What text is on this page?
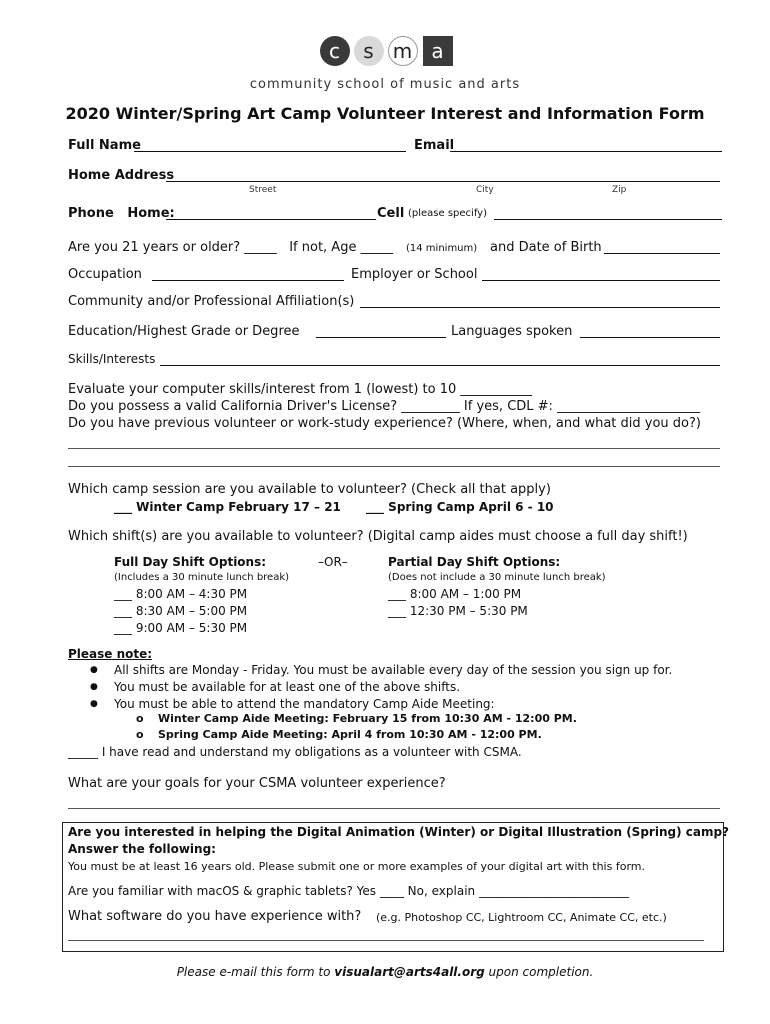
c s m a
community school of music and arts
2020 Winter/Spring Art Camp Volunteer Interest and Information Form
Full Name	Email
Home Address
Street	City	Zip
Phone   Home:	Cell (please specify)
Are you 21 years or older? _____   If not, Age _____ (14 minimum) and Date of Birth
Occupation	Employer or School
Community and/or Professional Affiliation(s)
Education/Highest Grade or Degree	Languages spoken
Skills/Interests
Evaluate your computer skills/interest from 1 (lowest) to 10 ___________
Do you possess a valid California Driver's License? _________ If yes, CDL #: ______________________
Do you have previous volunteer or work-study experience? (Where, when, and what did you do?)
Which camp session are you available to volunteer? (Check all that apply)
___ Winter Camp February 17 – 21 ___ Spring Camp April 6 - 10
Which shift(s) are you available to volunteer? (Digital camp aides must choose a full day shift!)
Full Day Shift Options:	–OR–	Partial Day Shift Options:
(Includes a 30 minute lunch break)	(Does not include a 30 minute lunch break)
___ 8:00 AM – 4:30 PM
___ 8:30 AM – 5:00 PM
___ 9:00 AM – 5:30 PM
___ 8:00 AM – 1:00 PM
___ 12:30 PM – 5:30 PM
Please note:
● All shifts are Monday - Friday. You must be available every day of the session you sign up for.
● You must be available for at least one of the above shifts.
● You must be able to attend the mandatory Camp Aide Meeting:
o Winter Camp Aide Meeting: February 15 from 10:30 AM - 12:00 PM.
o Spring Camp Aide Meeting: April 4 from 10:30 AM - 12:00 PM.
_____ I have read and understand my obligations as a volunteer with CSMA.
What are your goals for your CSMA volunteer experience?
Are you interested in helping the Digital Animation (Winter) or Digital Illustration (Spring) camp?
Answer the following:
You must be at least 16 years old. Please submit one or more examples of your digital art with this form.
Are you familiar with macOS & graphic tablets? Yes ____ No, explain _________________________
What software do you have experience with? (e.g. Photoshop CC, Lightroom CC, Animate CC, etc.)
Please e-mail this form to visualart@arts4all.org upon completion.
